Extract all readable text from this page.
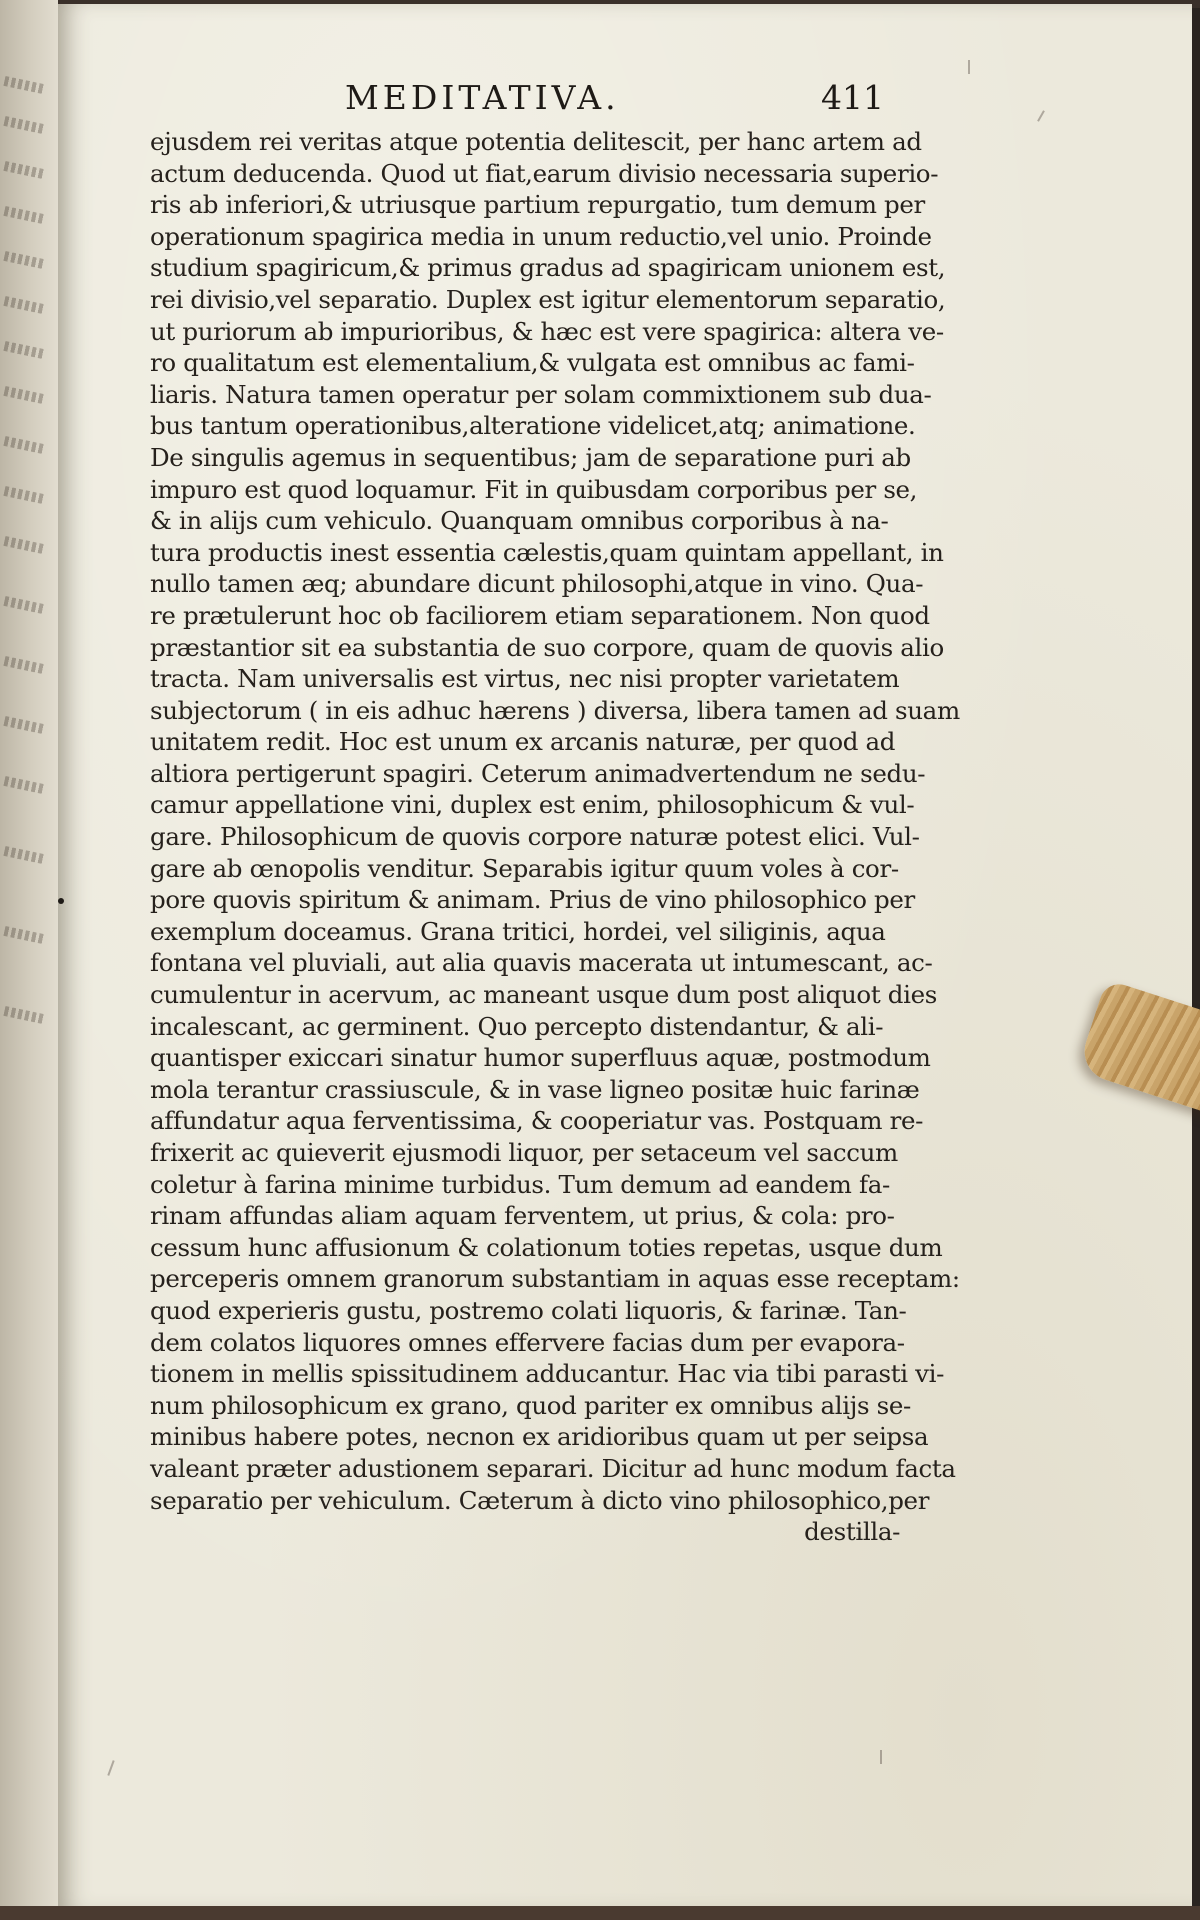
MEDITATIVA.	411
ejusdem rei veritas atque potentia delitescit, per hanc artem ad
actum deducenda. Quod ut fiat,earum divisio necessaria superio-
ris ab inferiori,& utriusque partium repurgatio, tum demum per
operationum spagirica media in unum reductio,vel unio. Proinde
studium spagiricum,& primus gradus ad spagiricam unionem est,
rei divisio,vel separatio. Duplex est igitur elementorum separatio,
ut puriorum ab impurioribus, & hæc est vere spagirica: altera ve-
ro qualitatum est elementalium,& vulgata est omnibus ac fami-
liaris. Natura tamen operatur per solam commixtionem sub dua-
bus tantum operationibus,alteratione videlicet,atq; animatione.
De singulis agemus in sequentibus; jam de separatione puri ab
impuro est quod loquamur. Fit in quibusdam corporibus per se,
& in alijs cum vehiculo. Quanquam omnibus corporibus à na-
tura productis inest essentia cælestis,quam quintam appellant, in
nullo tamen æq; abundare dicunt philosophi,atque in vino. Qua-
re prætulerunt hoc ob faciliorem etiam separationem. Non quod
præstantior sit ea substantia de suo corpore, quam de quovis alio
tracta. Nam universalis est virtus, nec nisi propter varietatem
subjectorum ( in eis adhuc hærens ) diversa, libera tamen ad suam
unitatem redit. Hoc est unum ex arcanis naturæ, per quod ad
altiora pertigerunt spagiri. Ceterum animadvertendum ne sedu-
camur appellatione vini, duplex est enim, philosophicum & vul-
gare. Philosophicum de quovis corpore naturæ potest elici. Vul-
gare ab œnopolis venditur. Separabis igitur quum voles à cor-
pore quovis spiritum & animam. Prius de vino philosophico per
exemplum doceamus. Grana tritici, hordei, vel siliginis, aqua
fontana vel pluviali, aut alia quavis macerata ut intumescant, ac-
cumulentur in acervum, ac maneant usque dum post aliquot dies
incalescant, ac germinent. Quo percepto distendantur, & ali-
quantisper exiccari sinatur humor superfluus aquæ, postmodum
mola terantur crassiuscule, & in vase ligneo positæ huic farinæ
affundatur aqua ferventissima, & cooperiatur vas. Postquam re-
frixerit ac quieverit ejusmodi liquor, per setaceum vel saccum
coletur à farina minime turbidus. Tum demum ad eandem fa-
rinam affundas aliam aquam ferventem, ut prius, & cola: pro-
cessum hunc affusionum & colationum toties repetas, usque dum
perceperis omnem granorum substantiam in aquas esse receptam:
quod experieris gustu, postremo colati liquoris, & farinæ. Tan-
dem colatos liquores omnes effervere facias dum per evapora-
tionem in mellis spissitudinem adducantur. Hac via tibi parasti vi-
num philosophicum ex grano, quod pariter ex omnibus alijs se-
minibus habere potes, necnon ex aridioribus quam ut per seipsa
valeant præter adustionem separari. Dicitur ad hunc modum facta
separatio per vehiculum. Cæterum à dicto vino philosophico,per
destilla-
